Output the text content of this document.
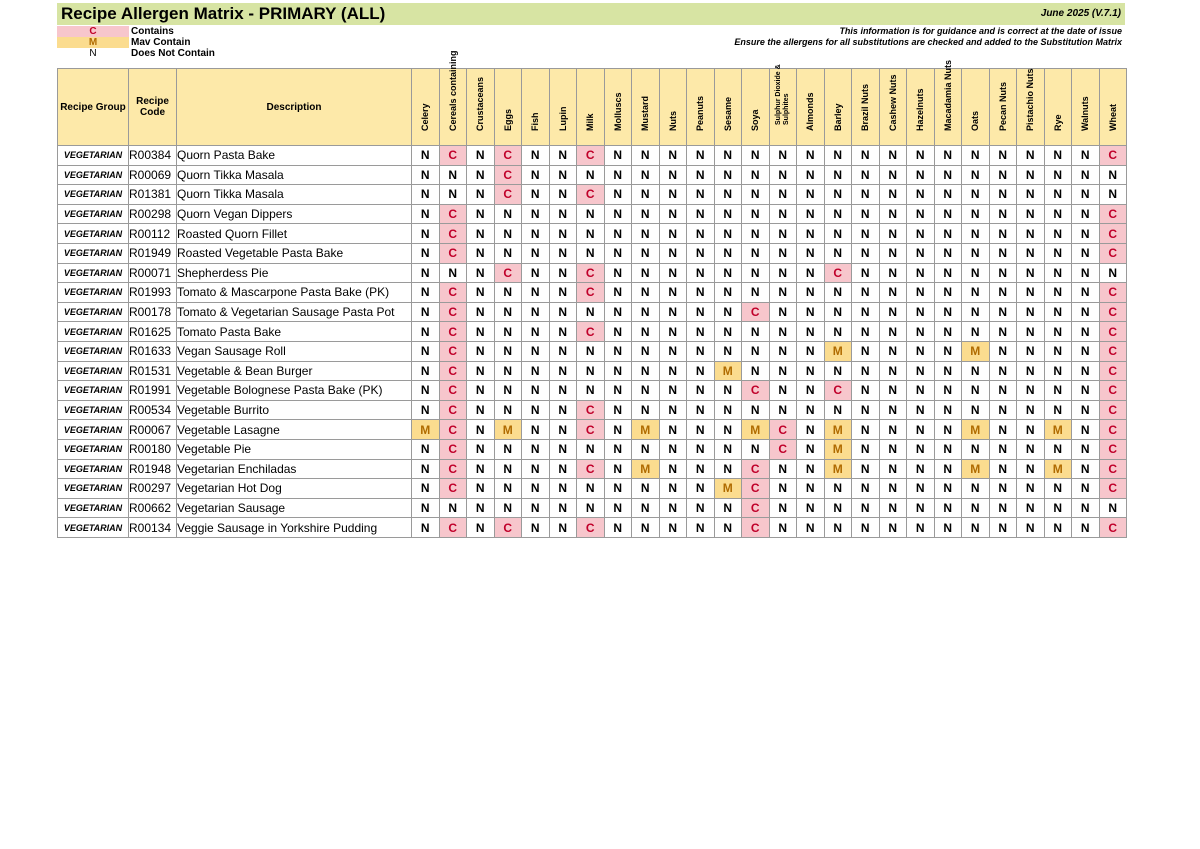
Recipe Allergen Matrix - PRIMARY (ALL)	June 2025 (V.7.1)
C	Contains
M	Mav Contain
N	Does Not Contain
This information is for guidance and is correct at the date of issue
Ensure the allergens for all substitutions are checked and added to the Substitution Matrix
Recipe Group	Recipe Code	Description	Celery	Cereals containing	Crustaceans	Eggs	Fish	Lupin	Milk	Molluscs	Mustard	Nuts	Peanuts	Sesame	Soya	Sulphur Dioxide & Sulphites	Almonds	Barley	Brazil Nuts	Cashew Nuts	Hazelnuts	Macadamia Nuts	Oats	Pecan Nuts	Pistachio Nuts	Rye	Walnuts	Wheat

VEGETARIAN	R00384	Quorn Pasta Bake	N	C	N	C	N	N	C	N	N	N	N	N	N	N	N	N	N	N	N	N	N	N	N	N	N	C
VEGETARIAN	R00069	Quorn Tikka Masala	N	N	N	C	N	N	N	N	N	N	N	N	N	N	N	N	N	N	N	N	N	N	N	N	N	N
VEGETARIAN	R01381	Quorn Tikka Masala	N	N	N	C	N	N	C	N	N	N	N	N	N	N	N	N	N	N	N	N	N	N	N	N	N	N
VEGETARIAN	R00298	Quorn Vegan Dippers	N	C	N	N	N	N	N	N	N	N	N	N	N	N	N	N	N	N	N	N	N	N	N	N	N	C
VEGETARIAN	R00112	Roasted Quorn Fillet	N	C	N	N	N	N	N	N	N	N	N	N	N	N	N	N	N	N	N	N	N	N	N	N	N	C
VEGETARIAN	R01949	Roasted Vegetable Pasta Bake	N	C	N	N	N	N	N	N	N	N	N	N	N	N	N	N	N	N	N	N	N	N	N	N	N	C
VEGETARIAN	R00071	Shepherdess Pie	N	N	N	C	N	N	C	N	N	N	N	N	N	N	N	C	N	N	N	N	N	N	N	N	N	N
VEGETARIAN	R01993	Tomato & Mascarpone Pasta Bake (PK)	N	C	N	N	N	N	C	N	N	N	N	N	N	N	N	N	N	N	N	N	N	N	N	N	N	C
VEGETARIAN	R00178	Tomato & Vegetarian Sausage Pasta Pot	N	C	N	N	N	N	N	N	N	N	N	N	C	N	N	N	N	N	N	N	N	N	N	N	N	C
VEGETARIAN	R01625	Tomato Pasta Bake	N	C	N	N	N	N	C	N	N	N	N	N	N	N	N	N	N	N	N	N	N	N	N	N	N	C
VEGETARIAN	R01633	Vegan Sausage Roll	N	C	N	N	N	N	N	N	N	N	N	N	N	N	N	M	N	N	N	N	M	N	N	N	N	C
VEGETARIAN	R01531	Vegetable & Bean Burger	N	C	N	N	N	N	N	N	N	N	N	M	N	N	N	N	N	N	N	N	N	N	N	N	N	C
VEGETARIAN	R01991	Vegetable Bolognese Pasta Bake (PK)	N	C	N	N	N	N	N	N	N	N	N	N	C	N	N	C	N	N	N	N	N	N	N	N	N	C
VEGETARIAN	R00534	Vegetable Burrito	N	C	N	N	N	N	C	N	N	N	N	N	N	N	N	N	N	N	N	N	N	N	N	N	N	C
VEGETARIAN	R00067	Vegetable Lasagne	M	C	N	M	N	N	C	N	M	N	N	N	M	C	N	M	N	N	N	N	M	N	N	M	N	C
VEGETARIAN	R00180	Vegetable Pie	N	C	N	N	N	N	N	N	N	N	N	N	N	C	N	M	N	N	N	N	N	N	N	N	N	C
VEGETARIAN	R01948	Vegetarian Enchiladas	N	C	N	N	N	N	C	N	M	N	N	N	C	N	N	M	N	N	N	N	M	N	N	M	N	C
VEGETARIAN	R00297	Vegetarian Hot Dog	N	C	N	N	N	N	N	N	N	N	N	M	C	N	N	N	N	N	N	N	N	N	N	N	N	C
VEGETARIAN	R00662	Vegetarian Sausage	N	N	N	N	N	N	N	N	N	N	N	N	C	N	N	N	N	N	N	N	N	N	N	N	N	N
VEGETARIAN	R00134	Veggie Sausage in Yorkshire Pudding	N	C	N	C	N	N	C	N	N	N	N	N	C	N	N	N	N	N	N	N	N	N	N	N	N	C
